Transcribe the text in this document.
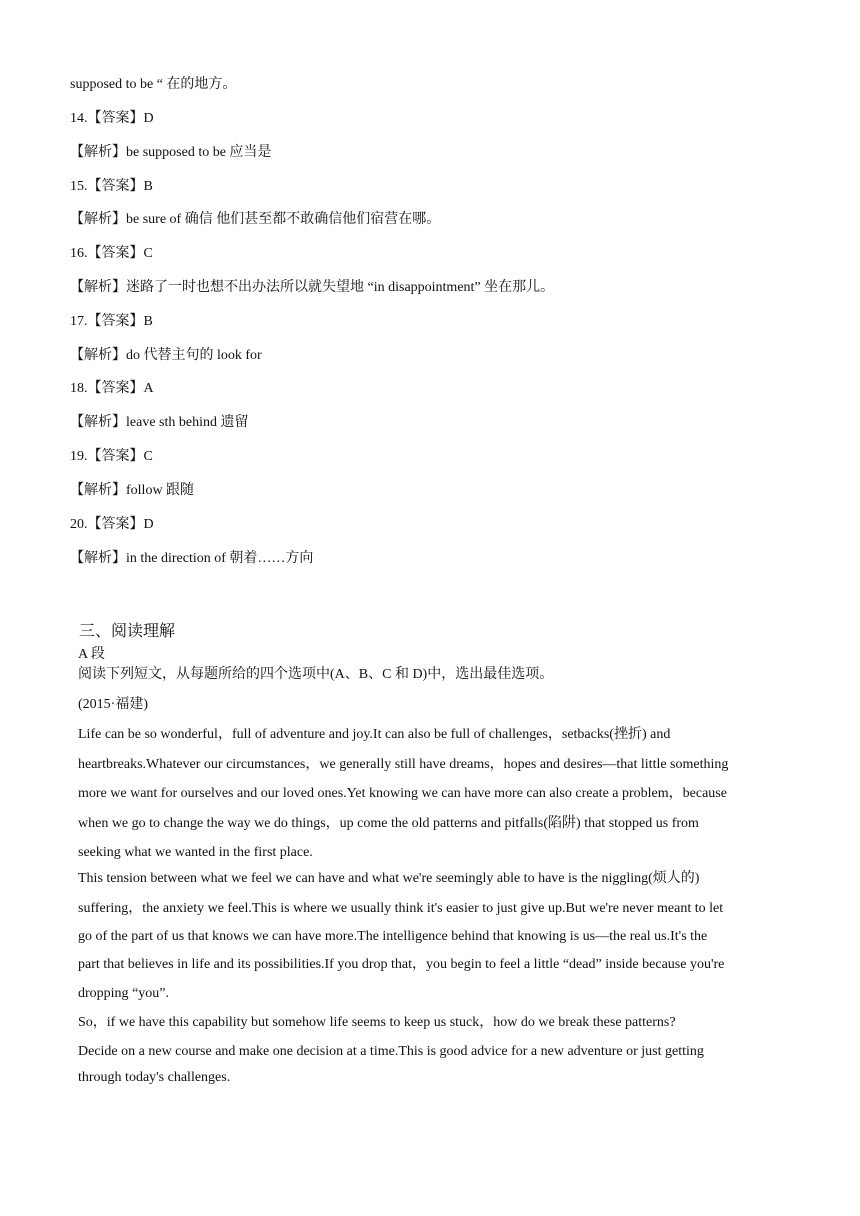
supposed to be “ 在的地方。
14.【答案】D
【解析】be supposed to be 应当是
15.【答案】B
【解析】be sure of 确信 他们甚至都不敢确信他们宿营在哪。
16.【答案】C
【解析】迷路了一时也想不出办法所以就失望地 “in disappointment” 坐在那儿。
17.【答案】B
【解析】do 代替主句的 look for
18.【答案】A
【解析】leave sth behind 遗留
19.【答案】C
【解析】follow 跟随
20.【答案】D
【解析】in the direction of 朝着……方向
三、阅读理解
A 段
阅读下列短文，从每题所给的四个选项中(A、B、C 和 D)中，选出最佳选项。
(2015·福建)
Life can be so wonderful，full of adventure and joy.It can also be full of challenges，setbacks(挫折) and
heartbreaks.Whatever our circumstances，we generally still have dreams，hopes and desires—that little something
more we want for ourselves and our loved ones.Yet knowing we can have more can also create a problem，because
when we go to change the way we do things，up come the old patterns and pitfalls(陷阱) that stopped us from
seeking what we wanted in the first place.
This tension between what we feel we can have and what we're seemingly able to have is the niggling(烦人的)
suffering，the anxiety we feel.This is where we usually think it's easier to just give up.But we're never meant to let
go of the part of us that knows we can have more.The intelligence behind that knowing is us—the real us.It's the
part that believes in life and its possibilities.If you drop that，you begin to feel a little “dead” inside because you're
dropping “you”.
So，if we have this capability but somehow life seems to keep us stuck，how do we break these patterns?
Decide on a new course and make one decision at a time.This is good advice for a new adventure or just getting
through today's challenges.
